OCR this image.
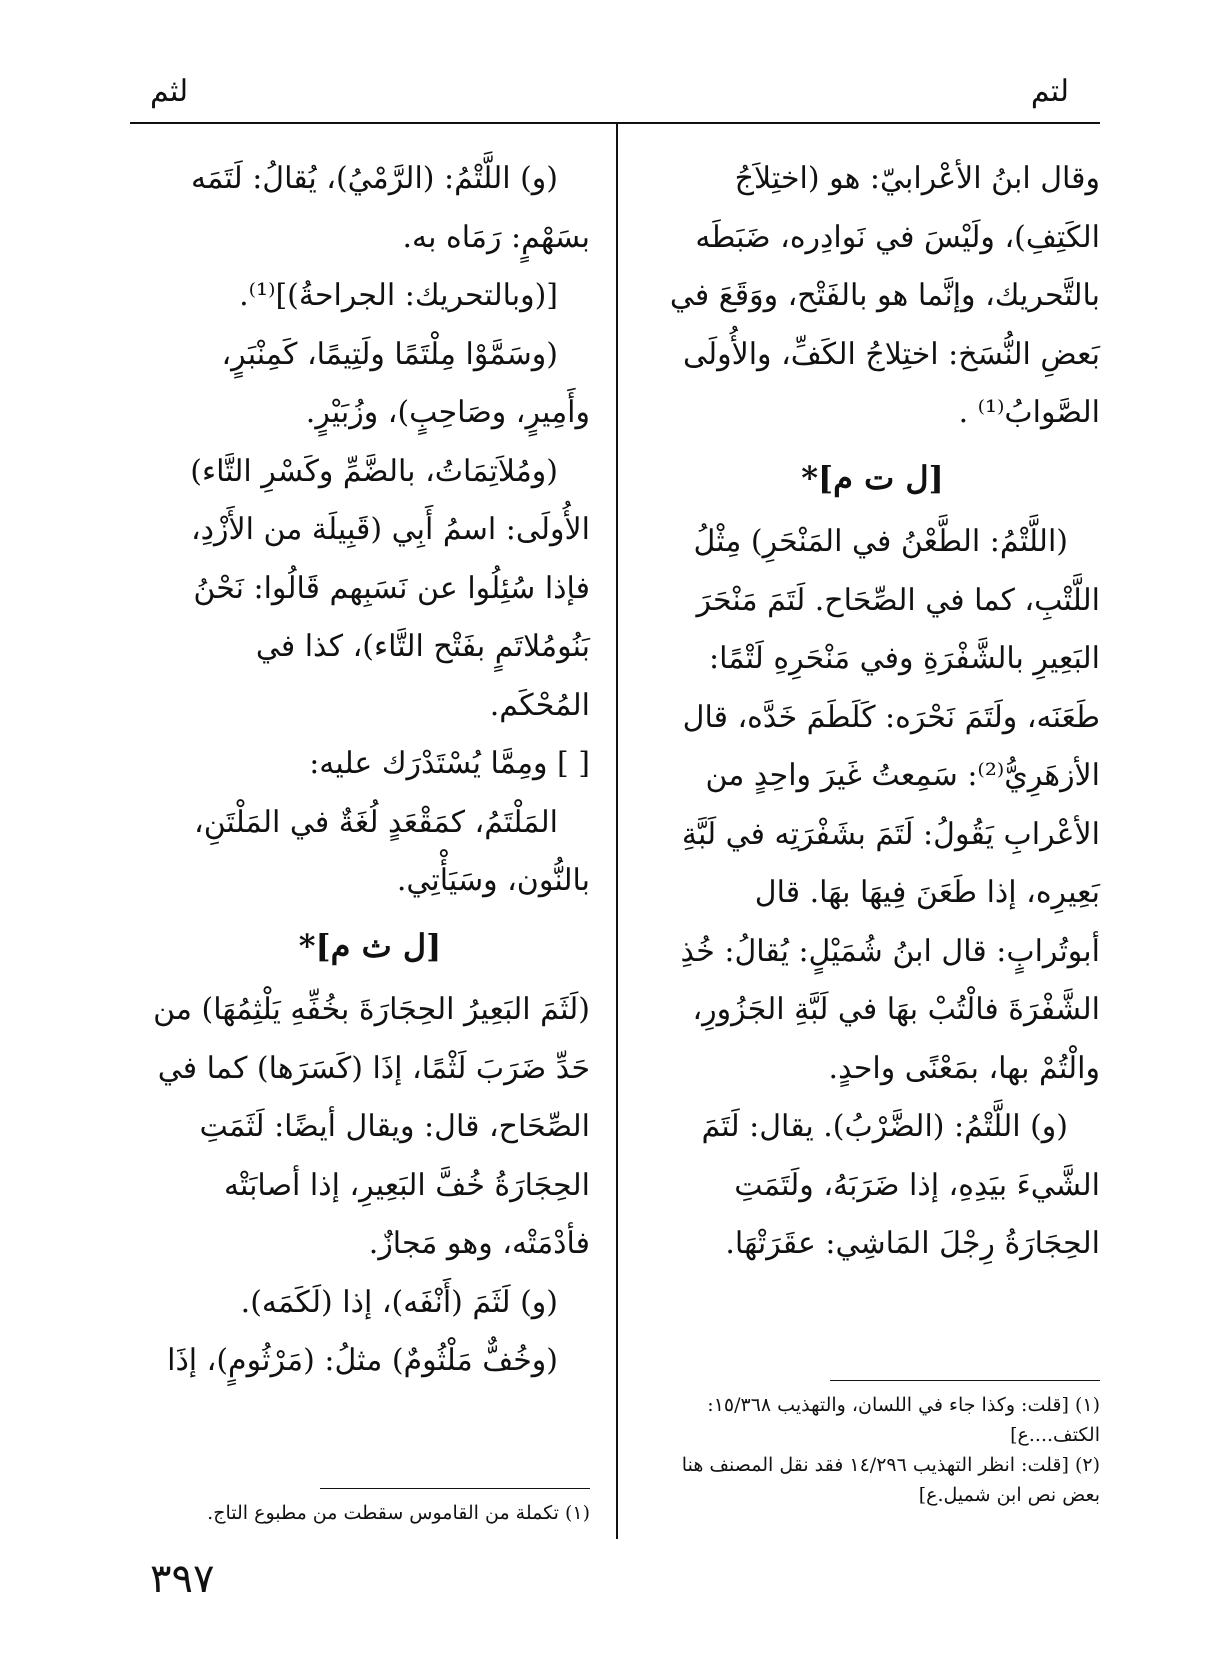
لثم	لتم

وقال ابنُ الأعْرابيّ: هو (اختِلاَجُ الكَتِفِ)، ولَيْسَ في نَوادِره، ضَبَطَه بالتَّحريك، وإنَّما هو بالفَتْح، ووَقَعَ في بَعضِ النُّسَخ: اختِلاجُ الكَفِّ، والأُولَى الصَّوابُ⁽¹⁾ .

[ل ت م]*

(اللَّتْمُ: الطَّعْنُ في المَنْحَرِ) مِثْلُ اللَّتْبِ، كما في الصِّحَاح. لَتَمَ مَنْحَرَ البَعِيرِ بالشَّفْرَةِ وفي مَنْحَرِهِ لَتْمًا: طَعَنَه، ولَتَمَ نَحْرَه: كَلَطَمَ خَدَّه، قال الأزهَرِيُّ⁽²⁾: سَمِعتُ غَيرَ واحِدٍ من الأعْرابِ يَقُولُ: لَتَمَ بشَفْرَتِه في لَبَّةِ بَعِيرِه، إذا طَعَنَ فِيهَا بهَا. قال أبوتُرابٍ: قال ابنُ شُمَيْلٍ: يُقالُ: خُذِ الشَّفْرَةَ فالْتُبْ بهَا في لَبَّةِ الجَزُورِ، والْتُمْ بها، بمَعْنًى واحدٍ.

(و) اللَّتْمُ: (الضَّرْبُ). يقال: لَتَمَ الشَّيءَ بيَدِهِ، إذا ضَرَبَهُ، ولَتَمَتِ الحِجَارَةُ رِجْلَ المَاشِي: عقَرَتْهَا.

(١) [قلت: وكذا جاء في اللسان، والتهذيب ١٥/٣٦٨: الكتف....ع]

(٢) [قلت: انظر التهذيب ١٤/٢٩٦ فقد نقل المصنف هنا بعض نص ابن شميل.ع]

(و) اللَّتْمُ: (الرَّمْيُ)، يُقالُ: لَتَمَه بسَهْمٍ: رَمَاه به.

[(وبالتحريك: الجراحةُ)]⁽¹⁾.

(وسَمَّوْا مِلْتَمًا ولَتِيمًا، كَمِنْبَرٍ، وأَمِيرٍ، وصَاحِبٍ)، وزُبَيْرٍ.

(ومُلاَتِمَاتُ، بالضَّمِّ وكَسْرِ التَّاء) الأُولَى: اسمُ أَبِي (قَبِيلَة من الأَزْدِ، فإذا سُئِلُوا عن نَسَبِهم قَالُوا: نَحْنُ بَنُومُلاتَمٍ بفَتْح التَّاء)، كذا في المُحْكَم.

[ ] ومِمَّا يُسْتَدْرَك عليه:

المَلْتَمُ، كمَقْعَدٍ لُغَةٌ في المَلْتَنِ، بالنُّون، وسَيَأْتِي.

[ل ث م]*

(لَثَمَ البَعِيرُ الحِجَارَةَ بخُفِّهِ يَلْثِمُهَا) من حَدِّ ضَرَبَ لَثْمًا، إذَا (كَسَرَها) كما في الصِّحَاح، قال: ويقال أيضًا: لَثَمَتِ الحِجَارَةُ خُفَّ البَعِيرِ، إذا أصابَتْه فأدْمَتْه، وهو مَجازٌ.

(و) لَثَمَ (أَنْفَه)، إذا (لَكَمَه).

(وخُفٌّ مَلْثُومٌ) مثلُ: (مَرْثُومٍ)، إذَا

(١) تكملة من القاموس سقطت من مطبوع التاج.

٣٩٧
